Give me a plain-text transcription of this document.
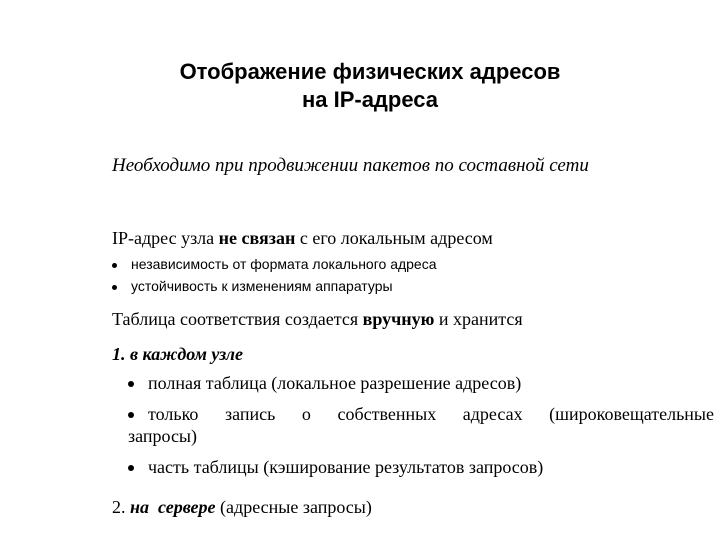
Отображение физических адресов
на IP-адреса
Необходимо при продвижении пакетов по составной сети
IP-адрес узла не связан с его локальным адресом
независимость от формата локального адреса
устойчивость к изменениям аппаратуры
Таблица соответствия создается вручную и хранится
1. в каждом узле
полная таблица (локальное разрешение адресов)
только запись о собственных адресах (широковещательные
запросы)
часть таблицы (кэширование результатов запросов)
2. на  сервере (адресные запросы)
